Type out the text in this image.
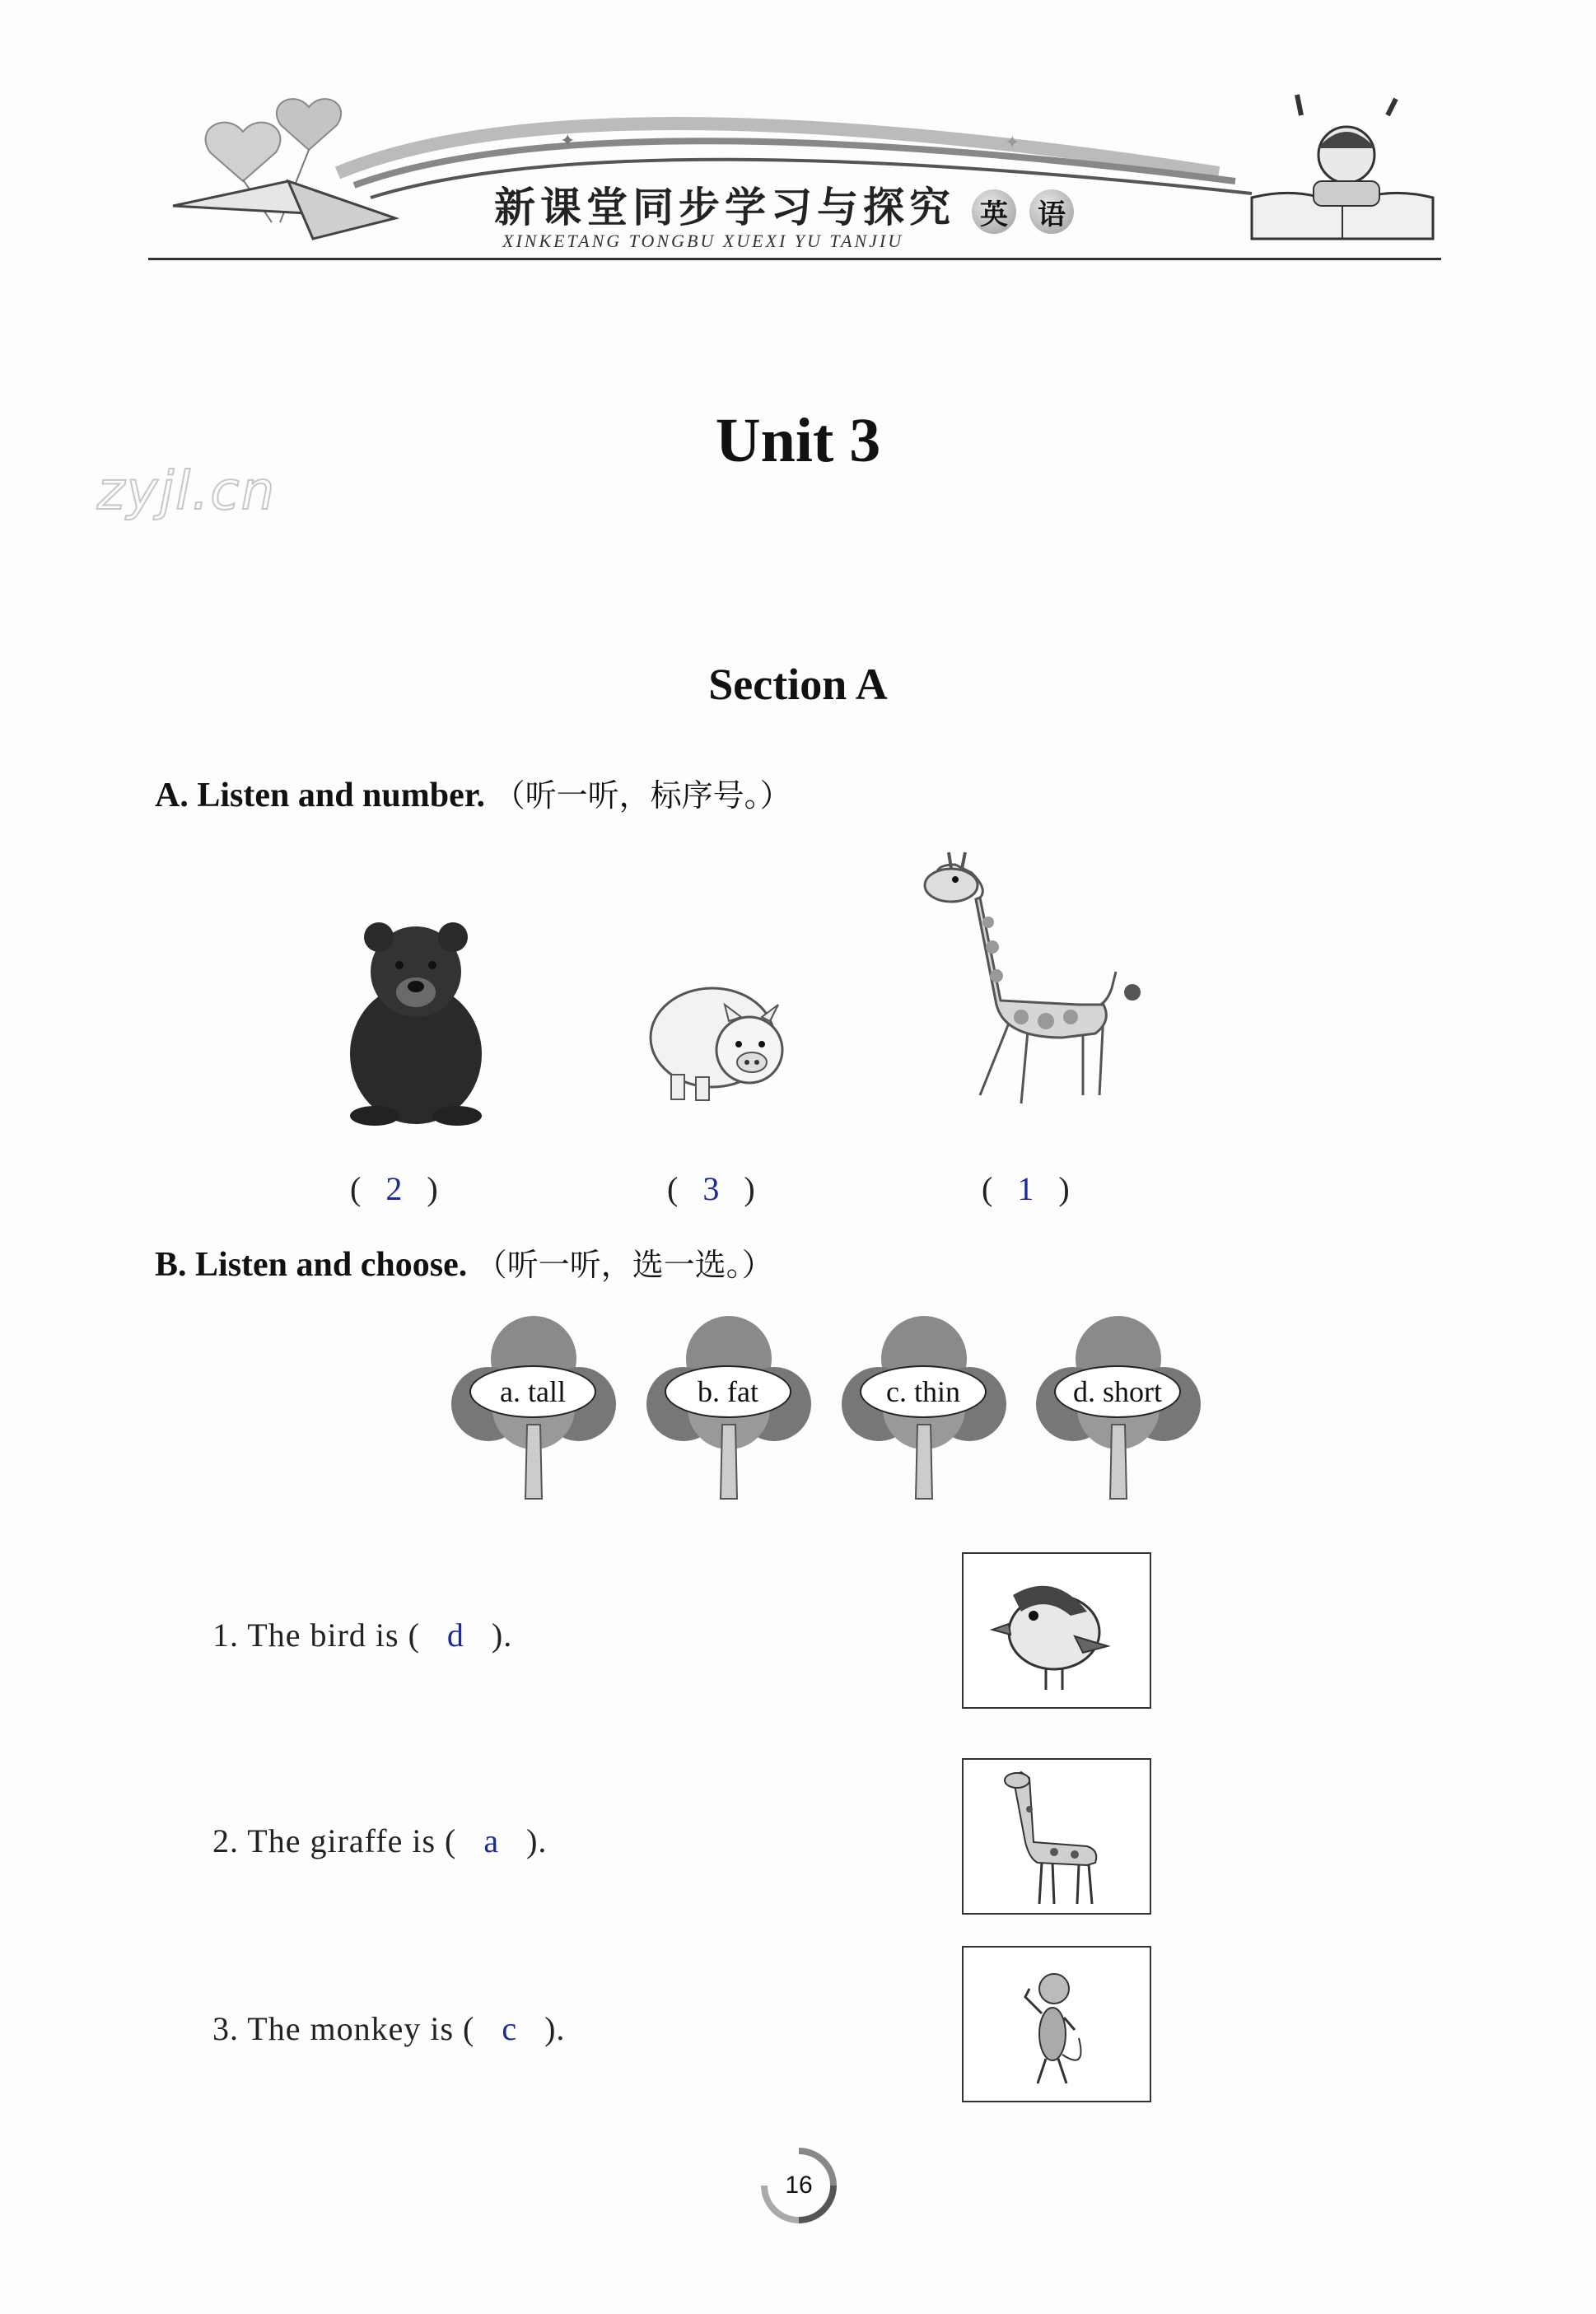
✦	✦
新课堂同步学习与探究
XINKETANG TONGBU XUEXI YU TANJIU
英 语
zyjl.cn
Unit 3
Section A
A. Listen and number. （听一听，标序号。）
(   2   )	(   3   )	(   1   )
B. Listen and choose. （听一听，选一选。）
a. tall	b. fat	c. thin	d. short
1. The bird is ( d ).
2. The giraffe is ( a ).
3. The monkey is ( c ).
16
